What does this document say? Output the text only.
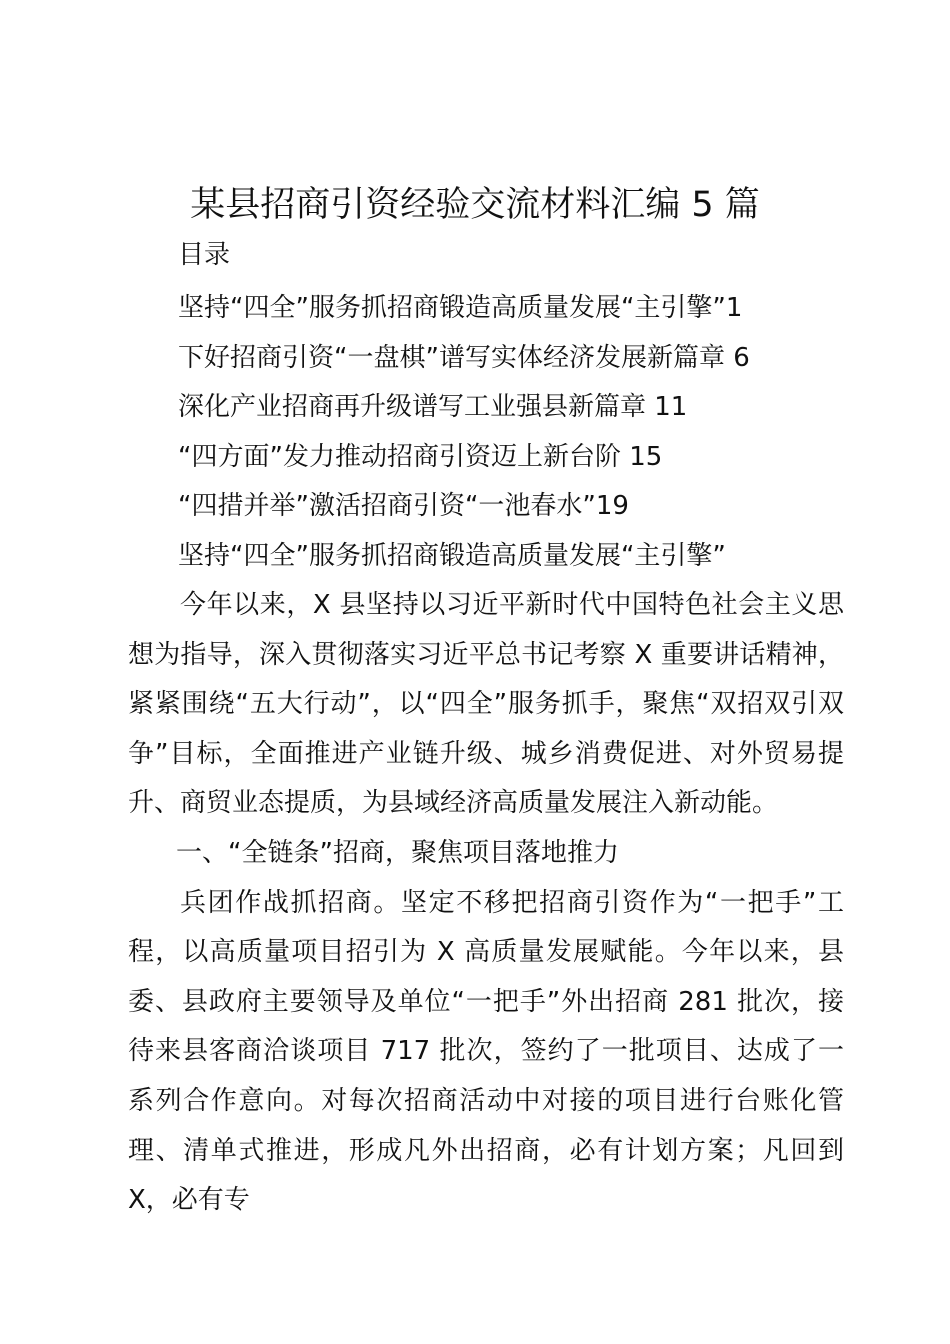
某县招商引资经验交流材料汇编 5 篇
目录
坚持“四全”服务抓招商锻造高质量发展“主引擎”1
下好招商引资“一盘棋”谱写实体经济发展新篇章 6
深化产业招商再升级谱写工业强县新篇章 11
“四方面”发力推动招商引资迈上新台阶 15
“四措并举”激活招商引资“一池春水”19
坚持“四全”服务抓招商锻造高质量发展“主引擎”

今年以来，X 县坚持以习近平新时代中国特色社会主义思想为指导，深入贯彻落实习近平总书记考察 X 重要讲话精神，紧紧围绕“五大行动”，以“四全”服务抓手，聚焦“双招双引双争”目标，全面推进产业链升级、城乡消费促进、对外贸易提升、商贸业态提质，为县域经济高质量发展注入新动能。

一、“全链条”招商，聚焦项目落地推力

兵团作战抓招商。坚定不移把招商引资作为“一把手”工程，以高质量项目招引为 X 高质量发展赋能。今年以来，县委、县政府主要领导及单位“一把手”外出招商 281 批次，接待来县客商洽谈项目 717 批次，签约了一批项目、达成了一系列合作意向。对每次招商活动中对接的项目进行台账化管理、清单式推进，形成凡外出招商，必有计划方案；凡回到 X，必有专
